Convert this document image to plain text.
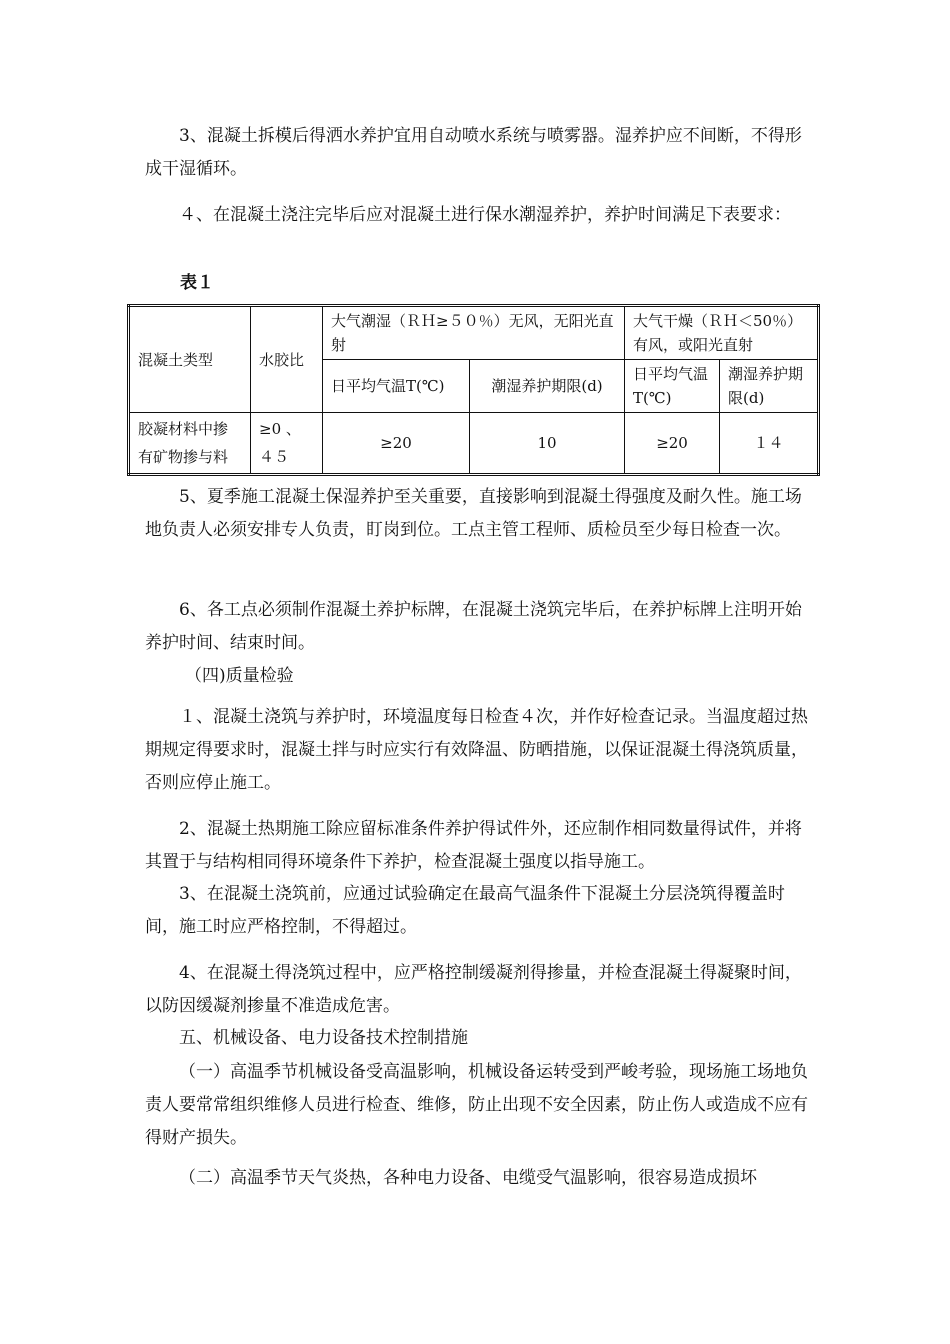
3、混凝土拆模后得洒水养护宜用自动喷水系统与喷雾器。湿养护应不间断，不得形成干湿循环。

４、在混凝土浇注完毕后应对混凝土进行保水潮湿养护，养护时间满足下表要求：

表１
混凝土类型	水胶比	大气潮湿（ＲＨ≥５０％）无风，无阳光直射		大气干燥（ＲＨ＜50％）有风，或阳光直射	
		日平均气温T(℃)	潮湿养护期限(d)	日平均气温T(℃)	潮湿养护期限(d)
胶凝材料中掺有矿物掺与料	≥0 、４５	≥20	10	≥20	１４

5、夏季施工混凝土保湿养护至关重要，直接影响到混凝土得强度及耐久性。施工场地负责人必须安排专人负责，盯岗到位。工点主管工程师、质检员至少每日检查一次。

6、各工点必须制作混凝土养护标牌，在混凝土浇筑完毕后，在养护标牌上注明开始养护时间、结束时间。

（四)质量检验

１、混凝土浇筑与养护时，环境温度每日检查４次，并作好检查记录。当温度超过热期规定得要求时，混凝土拌与时应实行有效降温、防晒措施，以保证混凝土得浇筑质量，否则应停止施工。

2、混凝土热期施工除应留标准条件养护得试件外，还应制作相同数量得试件，并将其置于与结构相同得环境条件下养护，检查混凝土强度以指导施工。

3、在混凝土浇筑前，应通过试验确定在最高气温条件下混凝土分层浇筑得覆盖时间，施工时应严格控制，不得超过。

4、在混凝土得浇筑过程中，应严格控制缓凝剂得掺量，并检查混凝土得凝聚时间，以防因缓凝剂掺量不准造成危害。

五、机械设备、电力设备技术控制措施

（一）高温季节机械设备受高温影响，机械设备运转受到严峻考验，现场施工场地负责人要常常组织维修人员进行检查、维修，防止出现不安全因素，防止伤人或造成不应有得财产损失。

（二）高温季节天气炎热，各种电力设备、电缆受气温影响，很容易造成损坏
